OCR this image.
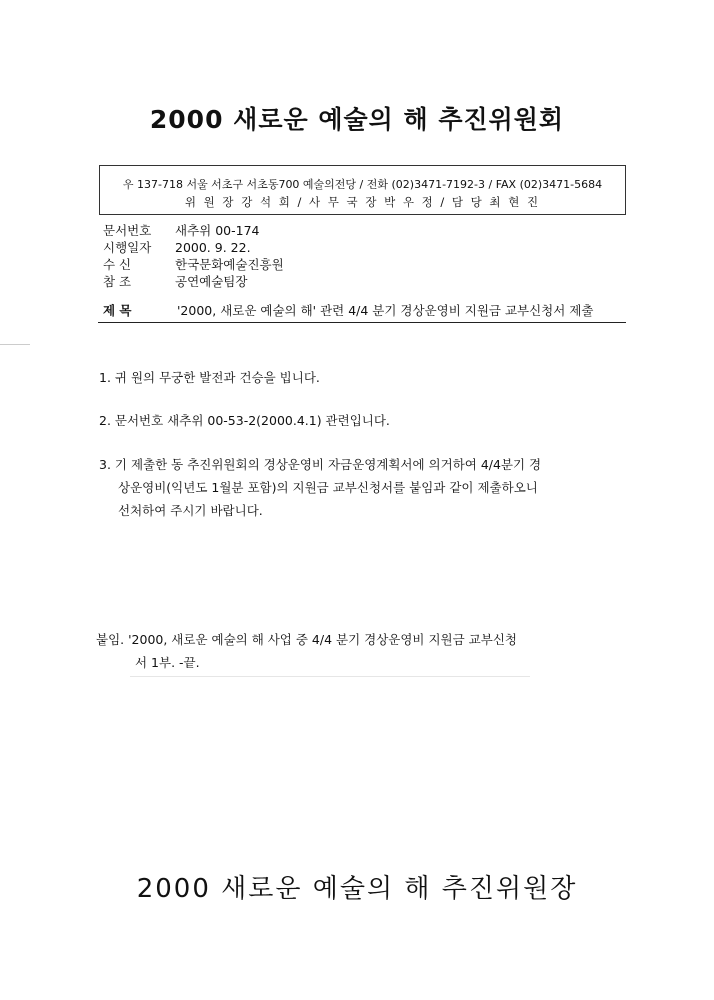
2000 새로운 예술의 해 추진위원회
우 137-718 서울 서초구 서초동700 예술의전당 / 전화 (02)3471-7192-3 / FAX (02)3471-5684
위 원 장 강 석 희 / 사 무 국 장 박 우 정 / 담 당 최 현 진
문서번호	새추위 00-174
시행일자	2000. 9. 22.
수 신	한국문화예술진흥원
참 조	공연예술팀장
제 목	'2000, 새로운 예술의 해' 관련 4/4 분기 경상운영비 지원금 교부신청서 제출
1. 귀 원의 무궁한 발전과 건승을 빕니다.
2. 문서번호 새추위 00-53-2(2000.4.1) 관련입니다.
3. 기 제출한 동 추진위원회의 경상운영비 자금운영계획서에 의거하여 4/4분기 경
상운영비(익년도 1월분 포함)의 지원금 교부신청서를 붙임과 같이 제출하오니
선처하여 주시기 바랍니다.
붙임. '2000, 새로운 예술의 해 사업 중 4/4 분기 경상운영비 지원금 교부신청
서 1부. -끝.
2000 새로운 예술의 해 추진위원장
